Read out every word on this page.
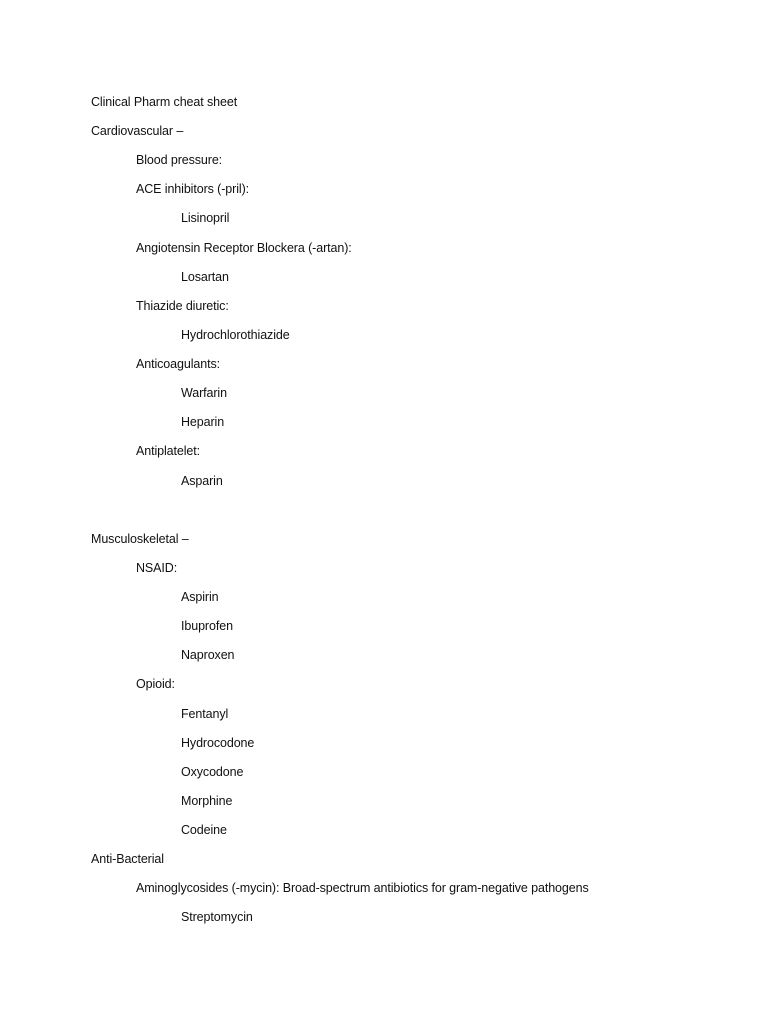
Clinical Pharm cheat sheet
Cardiovascular –
Blood pressure:
ACE inhibitors (-pril):
Lisinopril
Angiotensin Receptor Blockera (-artan):
Losartan
Thiazide diuretic:
Hydrochlorothiazide
Anticoagulants:
Warfarin
Heparin
Antiplatelet:
Asparin
Musculoskeletal –
NSAID:
Aspirin
Ibuprofen
Naproxen
Opioid:
Fentanyl
Hydrocodone
Oxycodone
Morphine
Codeine
Anti-Bacterial
Aminoglycosides (-mycin): Broad-spectrum antibiotics for gram-negative pathogens
Streptomycin
